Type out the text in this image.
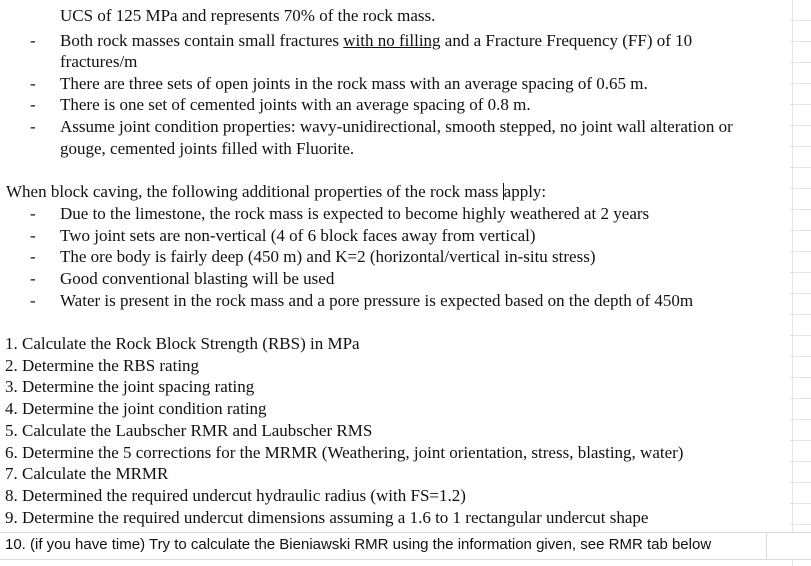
UCS of 125 MPa and represents 70% of the rock mass.
-	Both rock masses contain small fractures with no filling and a Fracture Frequency (FF) of 10
fractures/m
-	There are three sets of open joints in the rock mass with an average spacing of 0.65 m.
-	There is one set of cemented joints with an average spacing of 0.8 m.
-	Assume joint condition properties: wavy-unidirectional, smooth stepped, no joint wall alteration or
gouge, cemented joints filled with Fluorite.
When block caving, the following additional properties of the rock mass apply:
-	Due to the limestone, the rock mass is expected to become highly weathered at 2 years
-	Two joint sets are non-vertical (4 of 6 block faces away from vertical)
-	The ore body is fairly deep (450 m) and K=2 (horizontal/vertical in-situ stress)
-	Good conventional blasting will be used
-	Water is present in the rock mass and a pore pressure is expected based on the depth of 450m
1. Calculate the Rock Block Strength (RBS) in MPa
2. Determine the RBS rating
3. Determine the joint spacing rating
4. Determine the joint condition rating
5. Calculate the Laubscher RMR and Laubscher RMS
6. Determine the 5 corrections for the MRMR (Weathering, joint orientation, stress, blasting, water)
7. Calculate the MRMR
8. Determined the required undercut hydraulic radius (with FS=1.2)
9. Determine the required undercut dimensions assuming a 1.6 to 1 rectangular undercut shape
10. (if you have time) Try to calculate the Bieniawski RMR using the information given, see RMR tab below
